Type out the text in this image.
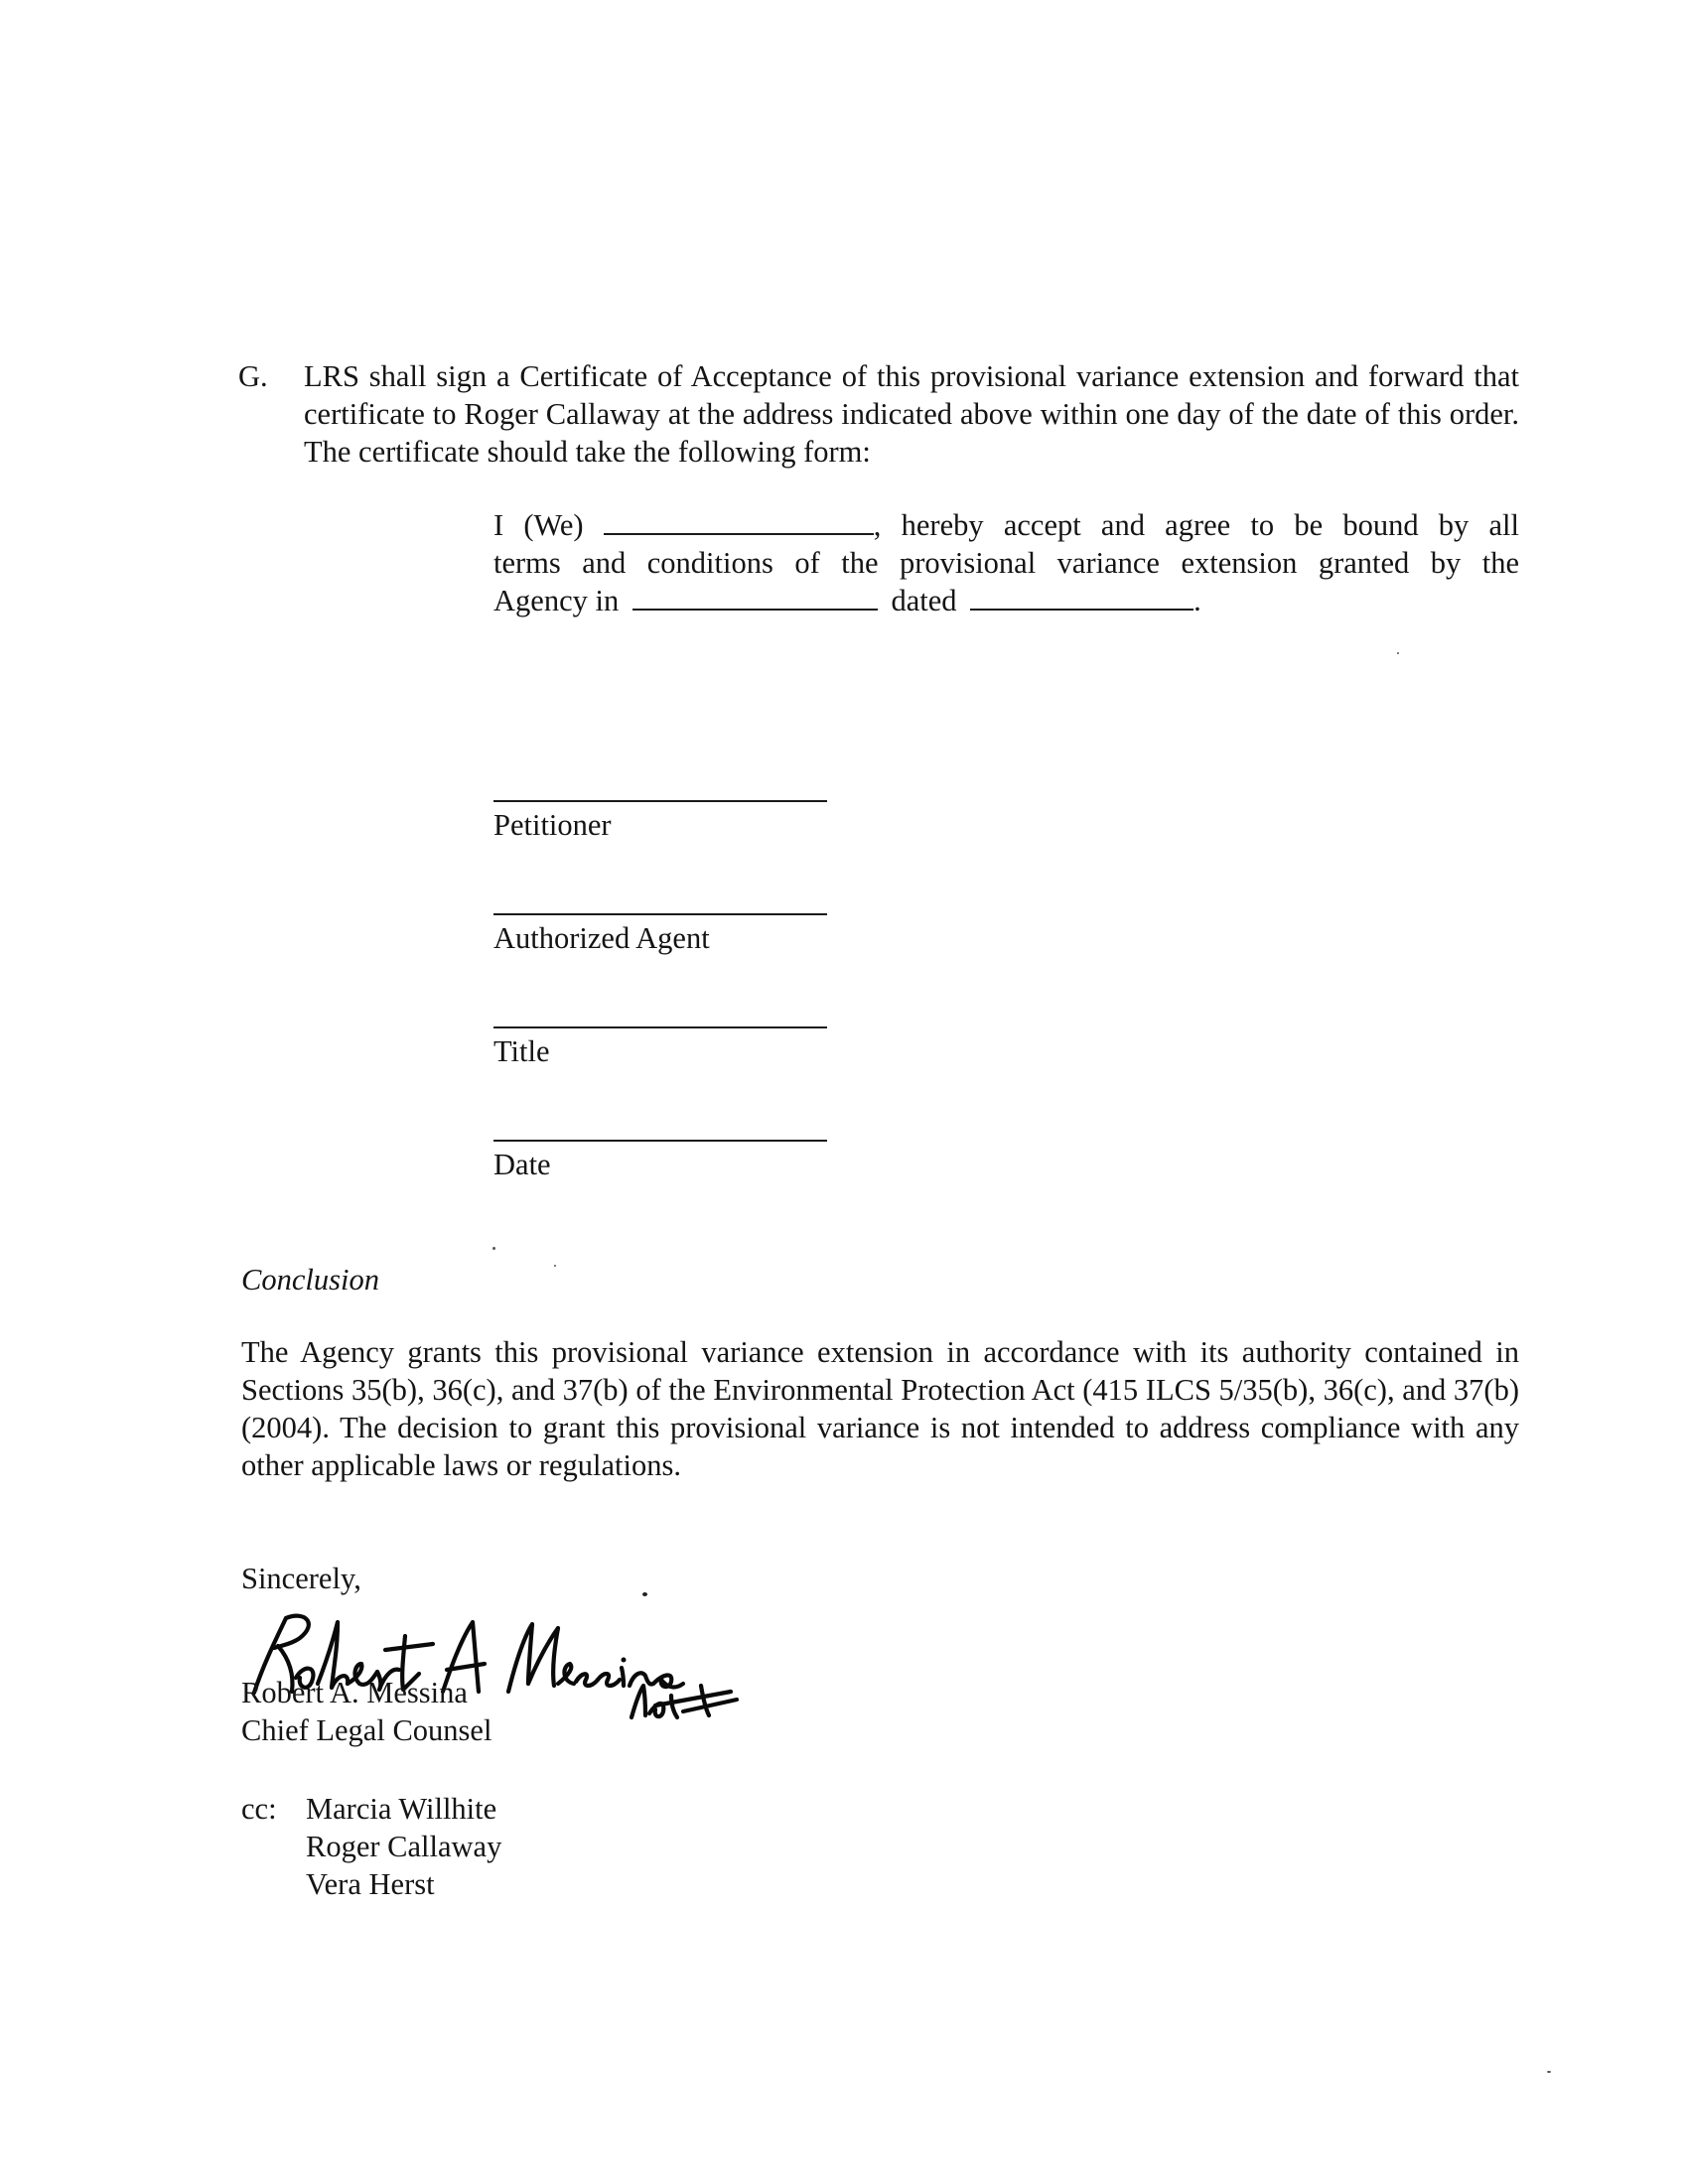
G. LRS shall sign a Certificate of Acceptance of this provisional variance extension and forward that certificate to Roger Callaway at the address indicated above within one day of the date of this order. The certificate should take the following form:
I (We)	, hereby accept and agree to be bound by all
terms and conditions of the provisional variance extension granted by the
Agency in	dated	.
Petitioner
Authorized Agent
Title
Date
Conclusion
The Agency grants this provisional variance extension in accordance with its authority contained in Sections 35(b), 36(c), and 37(b) of the Environmental Protection Act (415 ILCS 5/35(b), 36(c), and 37(b) (2004). The decision to grant this provisional variance is not intended to address compliance with any other applicable laws or regulations.
Sincerely,
Robert A. Messina
Chief Legal Counsel
cc: Marcia Willhite
Roger Callaway
Vera Herst
